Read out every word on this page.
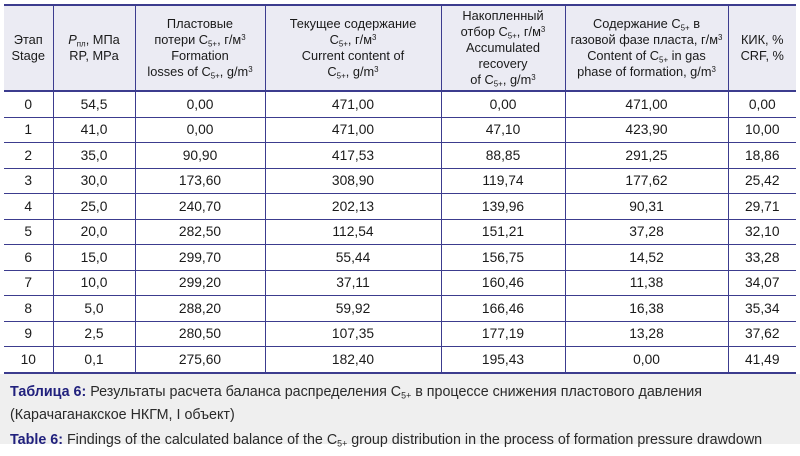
Этап
Stage

$P_{пл}$, МПа
RP, MPa

Пластовые
потери $C_{5+}$, $г/м^3$
Formation
losses of $C_{5+}$, $g/m^3$

Текущее содержание
$C_{5+}$, $г/м^3$
Current content of
$C_{5+}$, $g/m^3$

Накопленный
отбор $C_{5+}$, $г/м^3$
Accumulated recovery
of $C_{5+}$, $g/m^3$

Содержание $C_{5+}$ в
газовой фазе пласта, $г/м^3$
Content of $C_{5+}$ in gas
phase of formation, $g/m^3$

КИК, %
CRF, %

0	54,5	0,00	471,00	0,00	471,00	0,00
1	41,0	0,00	471,00	47,10	423,90	10,00
2	35,0	90,90	417,53	88,85	291,25	18,86
3	30,0	173,60	308,90	119,74	177,62	25,42
4	25,0	240,70	202,13	139,96	90,31	29,71
5	20,0	282,50	112,54	151,21	37,28	32,10
6	15,0	299,70	55,44	156,75	14,52	33,28
7	10,0	299,20	37,11	160,46	11,38	34,07
8	5,0	288,20	59,92	166,46	16,38	35,34
9	2,5	280,50	107,35	177,19	13,28	37,62
10	0,1	275,60	182,40	195,43	0,00	41,49
Таблица 6: Результаты расчета баланса распределения $C_{5+}$ в процессе снижения пластового давления
(Карачаганакское НКГМ, I объект)
Table 6: Findings of the calculated balance of the $C_{5+}$ group distribution in the process of formation pressure drawdown
